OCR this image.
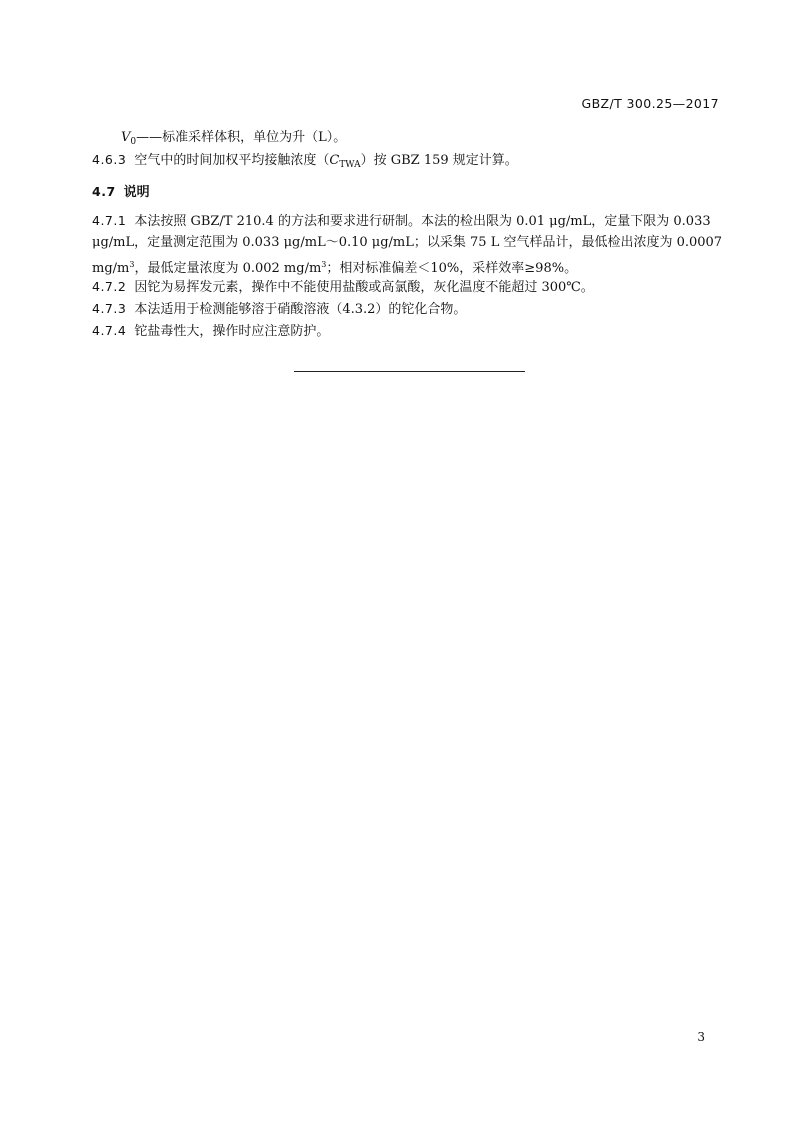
GBZ/T 300.25—2017
$V_0——$标准采样体积，单位为升（L）。
4.6.3 空气中的时间加权平均接触浓度$(C_{TWA})$按 GBZ 159 规定计算。
4.7 说明
4.7.1 本法按照 GBZ/T 210.4 的方法和要求进行研制。本法的检出限为 0.01 μg/mL，定量下限为 0.033
μg/mL，定量测定范围为 0.033 μg/mL～0.10 μg/mL；以采集 75 L 空气样品计，最低检出浓度为 0.0007
$mg/m^3$，最低定量浓度为 0.002 $mg/m^3$；相对标准偏差＜10%，采样效率≥98%。
4.7.2 因铊为易挥发元素，操作中不能使用盐酸或高氯酸，灰化温度不能超过 300℃。
4.7.3 本法适用于检测能够溶于硝酸溶液（4.3.2）的铊化合物。
4.7.4 铊盐毒性大，操作时应注意防护。
3
